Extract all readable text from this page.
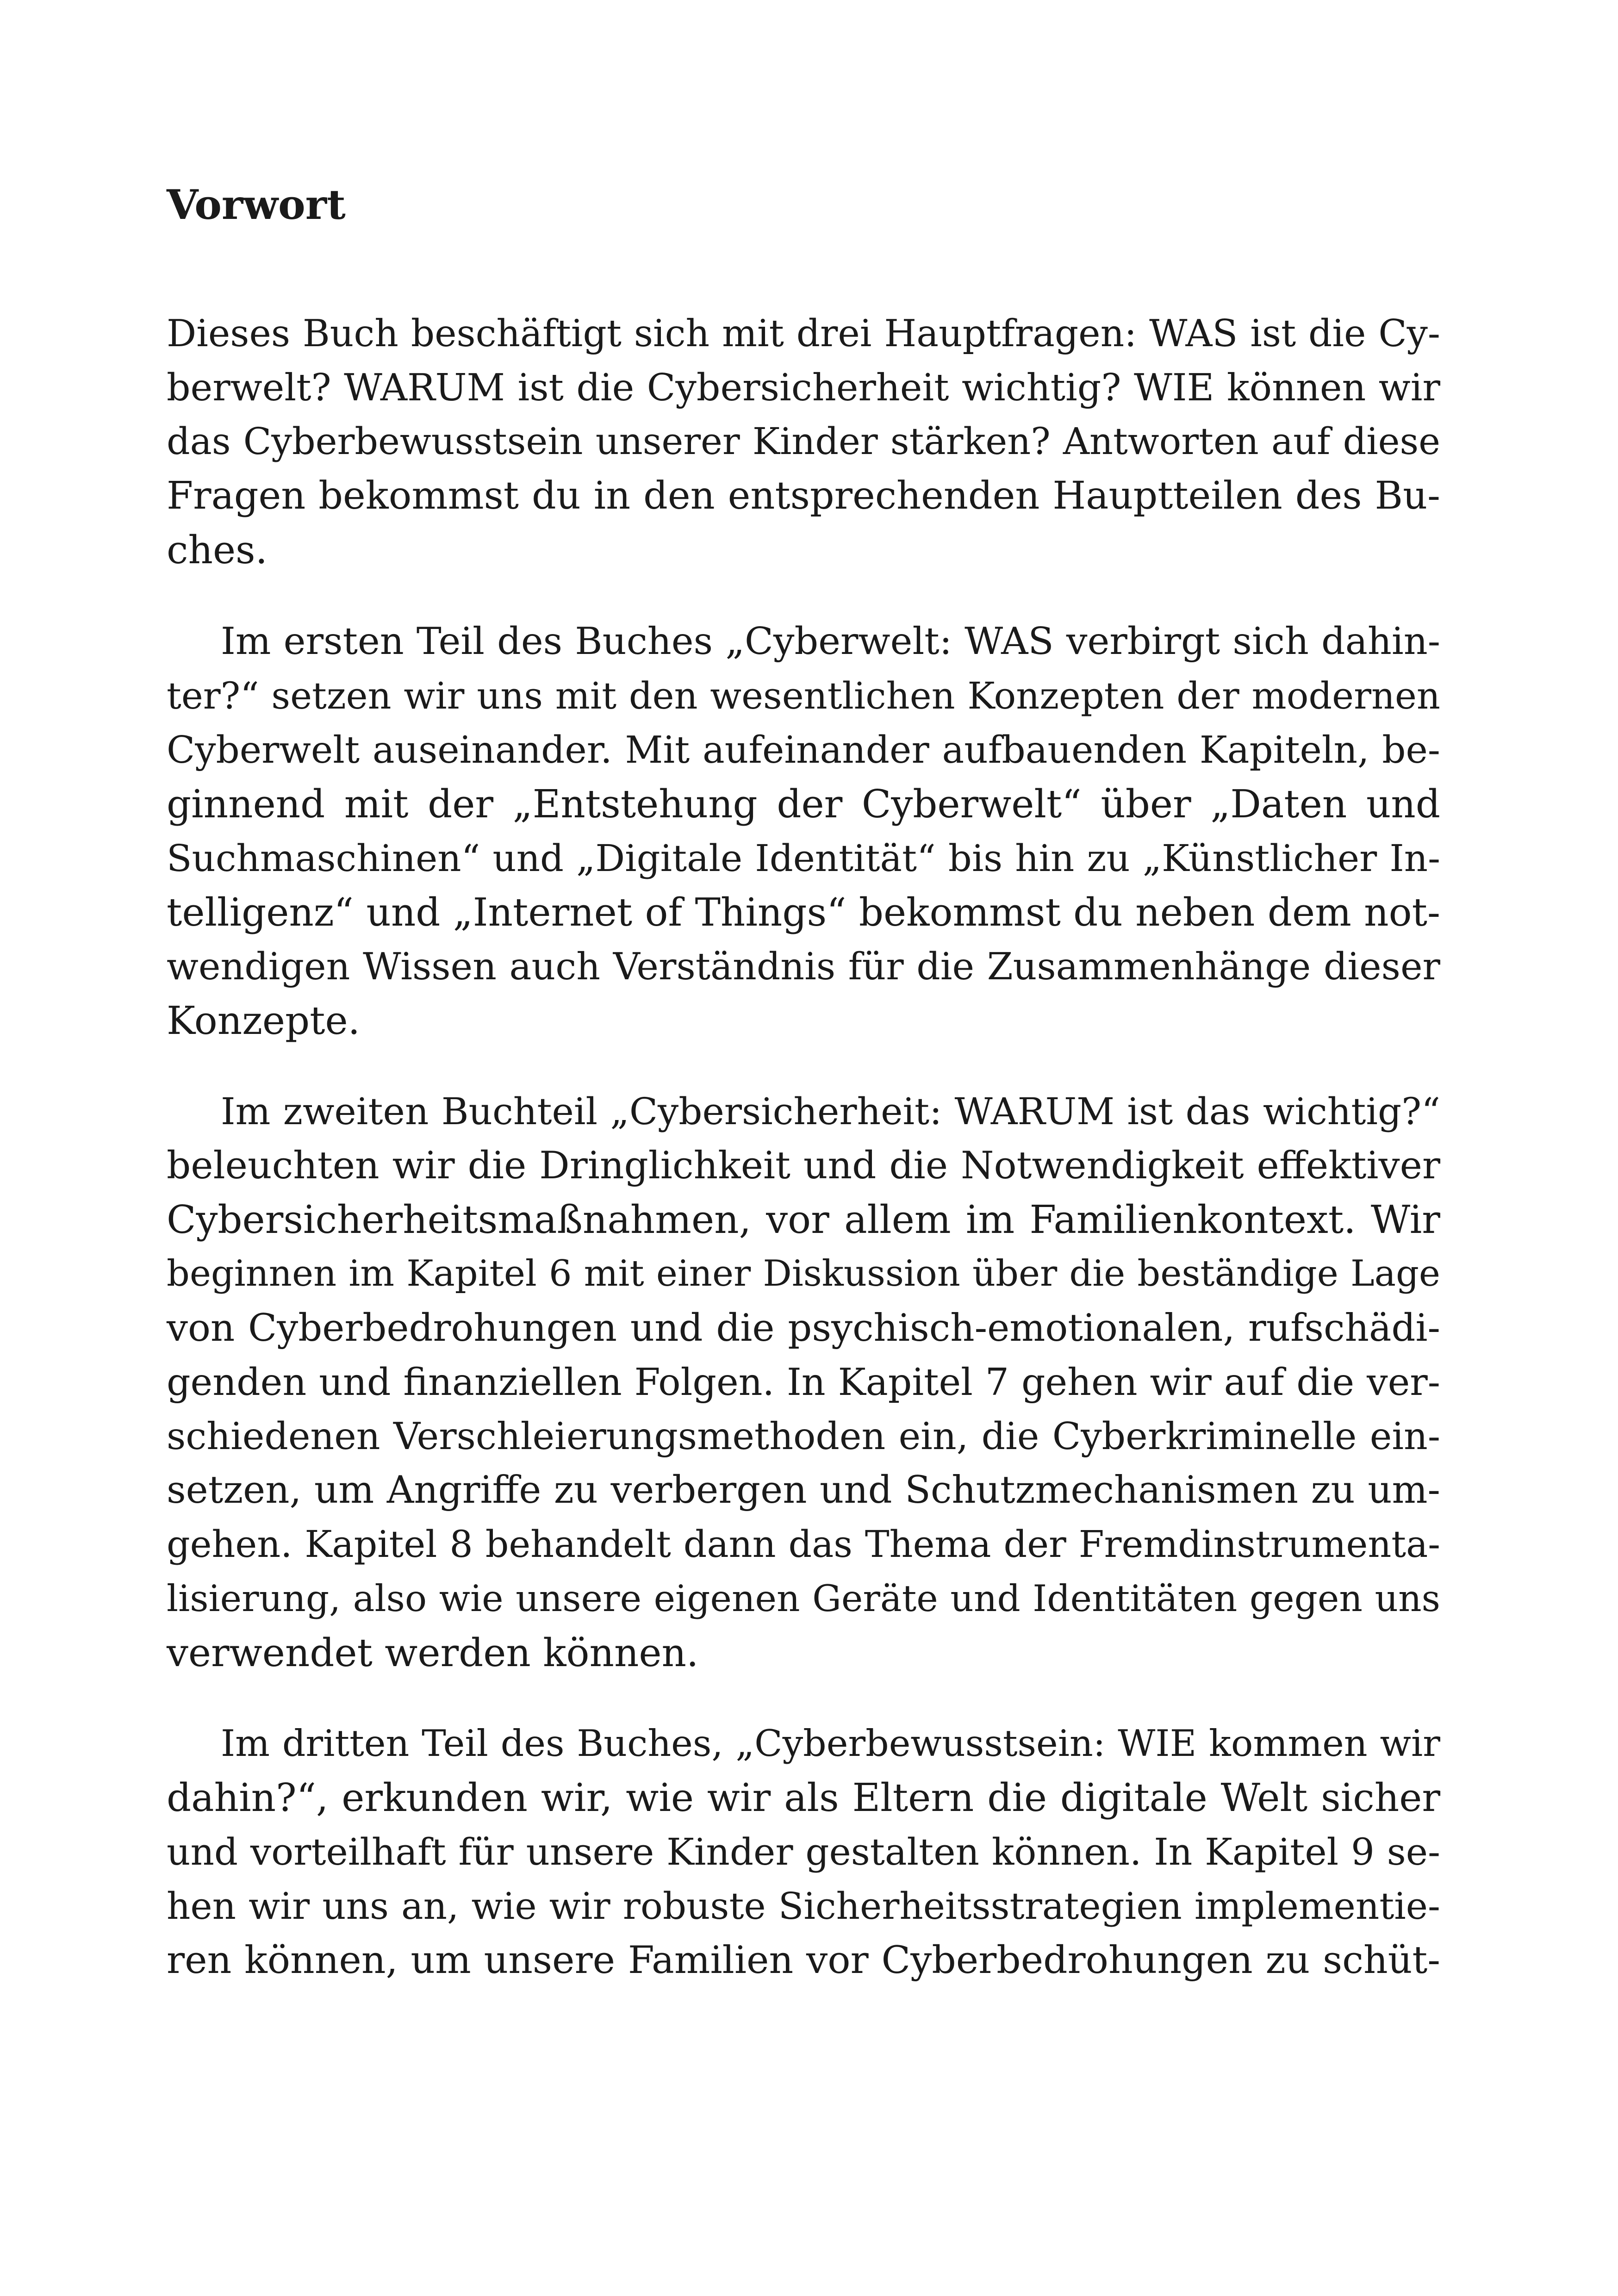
Vorwort
Dieses Buch beschäftigt sich mit drei Hauptfragen: WAS ist die Cy-
berwelt? WARUM ist die Cybersicherheit wichtig? WIE können wir
das Cyberbewusstsein unserer Kinder stärken? Antworten auf diese
Fragen bekommst du in den entsprechenden Hauptteilen des Bu-
ches.
Im ersten Teil des Buches „Cyberwelt: WAS verbirgt sich dahin-
ter?“ setzen wir uns mit den wesentlichen Konzepten der modernen
Cyberwelt auseinander. Mit aufeinander aufbauenden Kapiteln, be-
ginnend mit der „Entstehung der Cyberwelt“ über „Daten und
Suchmaschinen“ und „Digitale Identität“ bis hin zu „Künstlicher In-
telligenz“ und „Internet of Things“ bekommst du neben dem not-
wendigen Wissen auch Verständnis für die Zusammenhänge dieser
Konzepte.
Im zweiten Buchteil „Cybersicherheit: WARUM ist das wichtig?“
beleuchten wir die Dringlichkeit und die Notwendigkeit effektiver
Cybersicherheitsmaßnahmen, vor allem im Familienkontext. Wir
beginnen im Kapitel 6 mit einer Diskussion über die beständige Lage
von Cyberbedrohungen und die psychisch-emotionalen, rufschädi-
genden und finanziellen Folgen. In Kapitel 7 gehen wir auf die ver-
schiedenen Verschleierungsmethoden ein, die Cyberkriminelle ein-
setzen, um Angriffe zu verbergen und Schutzmechanismen zu um-
gehen. Kapitel 8 behandelt dann das Thema der Fremdinstrumenta-
lisierung, also wie unsere eigenen Geräte und Identitäten gegen uns
verwendet werden können.
Im dritten Teil des Buches, „Cyberbewusstsein: WIE kommen wir
dahin?“, erkunden wir, wie wir als Eltern die digitale Welt sicher
und vorteilhaft für unsere Kinder gestalten können. In Kapitel 9 se-
hen wir uns an, wie wir robuste Sicherheitsstrategien implementie-
ren können, um unsere Familien vor Cyberbedrohungen zu schüt-
